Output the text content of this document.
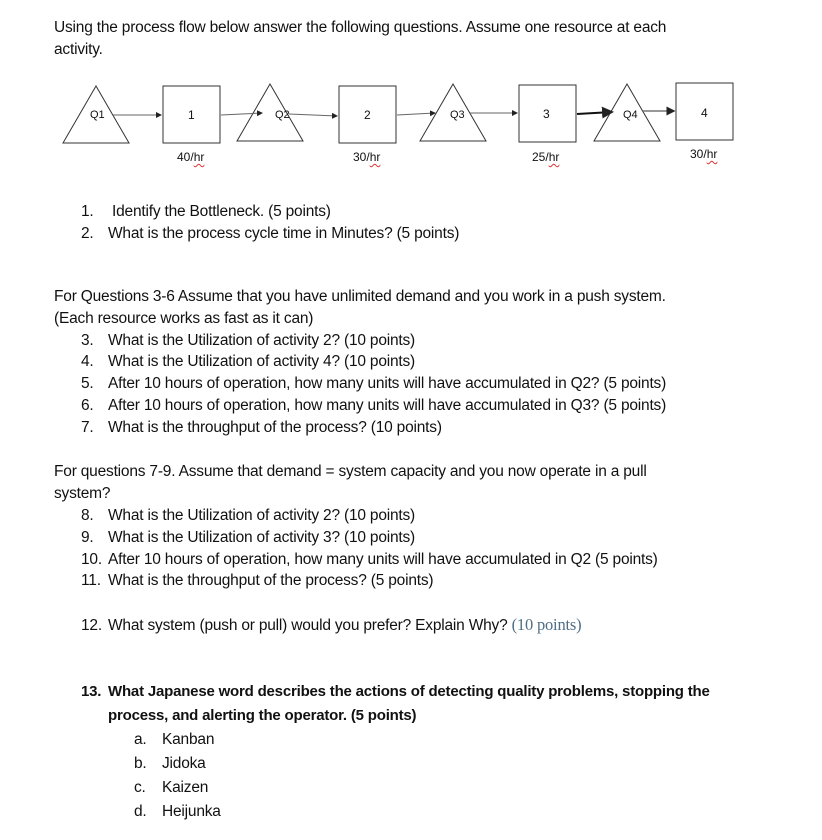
Using the process flow below answer the following questions. Assume one resource at each
activity.
Q1	Q2	Q3	Q4
1	2	3	4
40/hr	30/hr	25/hr	30/hr
1. Identify the Bottleneck. (5 points)
2. What is the process cycle time in Minutes? (5 points)
For Questions 3-6 Assume that you have unlimited demand and you work in a push system.
(Each resource works as fast as it can)
3. What is the Utilization of activity 2? (10 points)
4. What is the Utilization of activity 4? (10 points)
5. After 10 hours of operation, how many units will have accumulated in Q2? (5 points)
6. After 10 hours of operation, how many units will have accumulated in Q3? (5 points)
7. What is the throughput of the process? (10 points)
For questions 7-9. Assume that demand = system capacity and you now operate in a pull
system?
8. What is the Utilization of activity 2? (10 points)
9. What is the Utilization of activity 3? (10 points)
10. After 10 hours of operation, how many units will have accumulated in Q2 (5 points)
11. What is the throughput of the process? (5 points)
12. What system (push or pull) would you prefer? Explain Why? (10 points)
13. What Japanese word describes the actions of detecting quality problems, stopping the
process, and alerting the operator. (5 points)
a. Kanban
b. Jidoka
c. Kaizen
d. Heijunka
